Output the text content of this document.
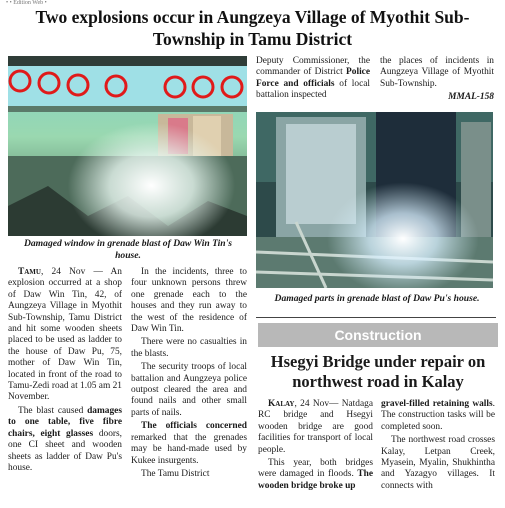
• • Edition Web •
Two explosions occur in Aungzeya Village of Myothit Sub-Township in Tamu District
Damaged window in grenade blast of Daw Win Tin's house.
Damaged parts in grenade blast of Daw Pu's house.

Tamu, 24 Nov — An explosion occurred at a shop of Daw Win Tin, 42, of Aungzeya Village in Myothit Sub-Township, Tamu District and hit some wooden sheets placed to be used as ladder to the house of Daw Pu, 75, mother of Daw Win Tin, located in front of the road to Tamu-Zedi road at 1.05 am 21 November.

The blast caused damages to one table, five fibre chairs, eight glasses doors, one CI sheet and wooden sheets as ladder of Daw Pu's house.

In the incidents, three to four unknown persons threw one grenade each to the houses and they run away to the west of the residence of Daw Win Tin.

There were no casualties in the blasts.

The security troops of local battalion and Aungzeya police outpost cleared the area and found nails and other small parts of nails.

The officials concerned remarked that the grenades may be hand-made used by Kukee insurgents.

The Tamu District

Deputy Commissioner, the commander of District Police Force and officials of local battalion inspected

the places of incidents in Aungzeya Village of Myothit Sub-Township.

MMAL-158
Construction
Hsegyi Bridge under repair on northwest road in Kalay

Kalay, 24 Nov— Natdaga RC bridge and Hsegyi wooden bridge are good facilities for transport of local people.

This year, both bridges were damaged in floods. The wooden bridge broke up

gravel-filled retaining walls. The construction tasks will be completed soon.

The northwest road crosses Kalay, Letpan Creek, Myasein, Myalin, Shukhintha and Yazagyo villages. It connects with
